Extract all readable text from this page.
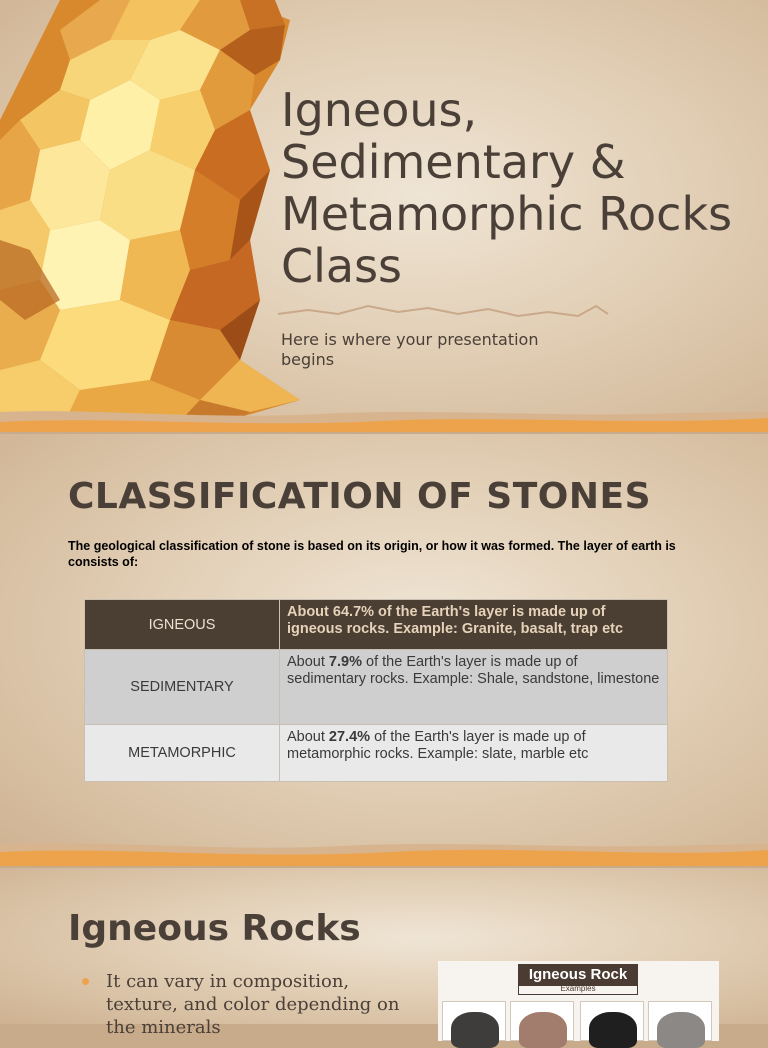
Igneous, Sedimentary & Metamorphic Rocks Class

Here is where your presentation begins

CLASSIFICATION OF STONES

The geological classification of stone is based on its origin, or how it was formed. The layer of earth is consists of:

IGNEOUS	About 64.7% of the Earth's layer is made up of igneous rocks. Example: Granite, basalt, trap etc
SEDIMENTARY	About 7.9% of the Earth's layer is made up of sedimentary rocks. Example: Shale, sandstone, limestone
METAMORPHIC	About 27.4% of the Earth's layer is made up of metamorphic rocks. Example: slate, marble etc
Igneous Rocks
It can vary in composition, texture, and color depending on the minerals
Igneous Rock
Examples
